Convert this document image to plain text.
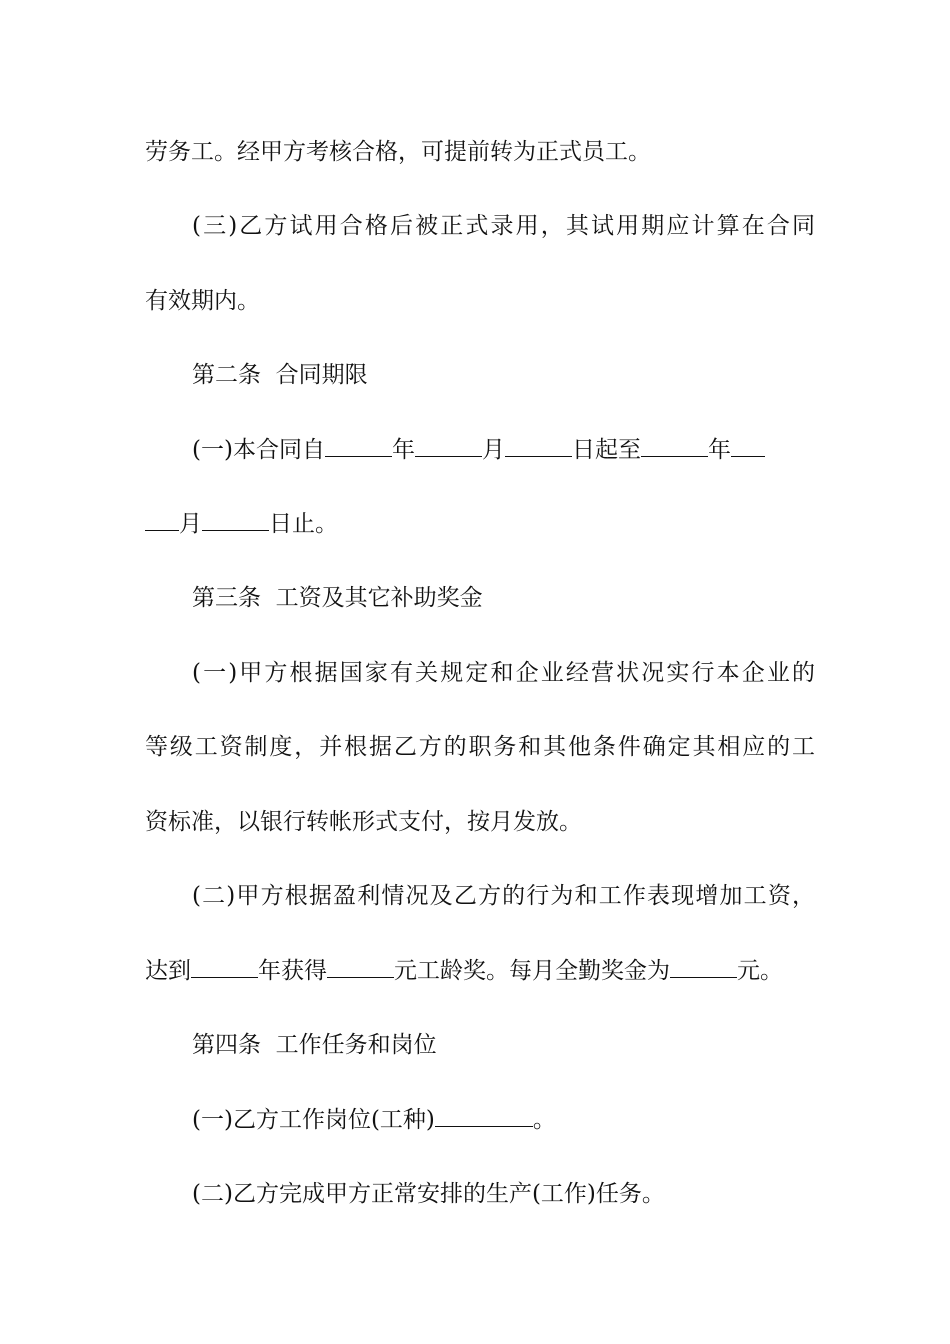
劳务工。经甲方考核合格，可提前转为正式员工。

(三)乙方试用合格后被正式录用，其试用期应计算在合同

有效期内。

第二条  合同期限

(一)本合同自	年	月	日起至	年

月	日止。

第三条  工资及其它补助奖金

(一)甲方根据国家有关规定和企业经营状况实行本企业的

等级工资制度，并根据乙方的职务和其他条件确定其相应的工

资标准，以银行转帐形式支付，按月发放。

(二)甲方根据盈利情况及乙方的行为和工作表现增加工资，

达到	年获得	元工龄奖。每月全勤奖金为	元。

第四条  工作任务和岗位

(一)乙方工作岗位(工种)	。

(二)乙方完成甲方正常安排的生产(工作)任务。
